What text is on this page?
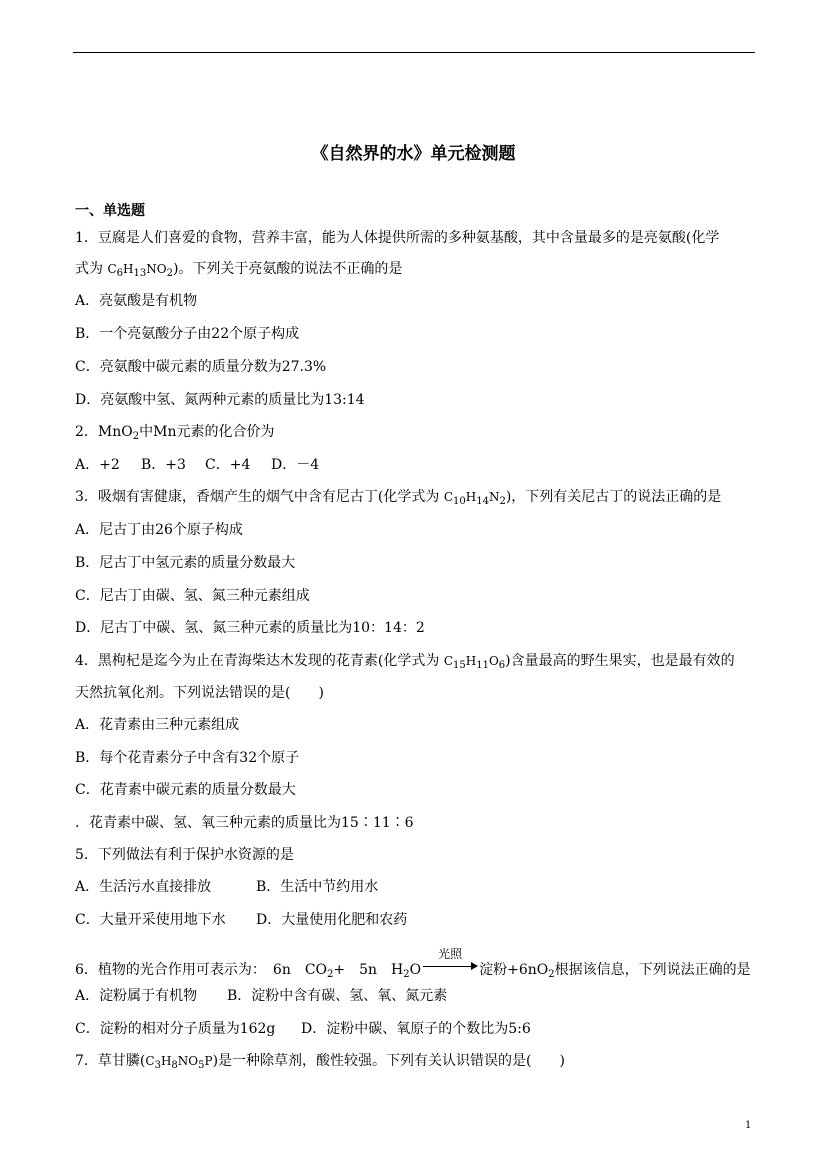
《自然界的水》单元检测题
一、单选题
1．豆腐是人们喜爱的食物，营养丰富，能为人体提供所需的多种氨基酸，其中含量最多的是亮氨酸(化学
式为 $C_6H_{13}NO_2$)。下列关于亮氨酸的说法不正确的是
A．亮氨酸是有机物
B．一个亮氨酸分子由22个原子构成
C．亮氨酸中碳元素的质量分数为27.3%
D．亮氨酸中氢、氮两种元素的质量比为13:14
2．MnO$_2$中Mn元素的化合价为
A．+2 B．+3 C．+4 D．－4
3．吸烟有害健康，香烟产生的烟气中含有尼古丁(化学式为 $C_{10}H_{14}N_2$)，下列有关尼古丁的说法正确的是
A．尼古丁由26个原子构成
B．尼古丁中氢元素的质量分数最大
C．尼古丁由碳、氢、氮三种元素组成
D．尼古丁中碳、氢、氮三种元素的质量比为10：14：2
4．黑枸杞是迄今为止在青海柴达木发现的花青素(化学式为 $C_{15}H_{11}O_6$)含量最高的野生果实，也是最有效的
天然抗氧化剂。下列说法错误的是(　　)
A．花青素由三种元素组成
B．每个花青素分子中含有32个原子
C．花青素中碳元素的质量分数最大
．花青素中碳、氢、氧三种元素的质量比为15∶11∶6
5．下列做法有利于保护水资源的是
A．生活污水直接排放	B．生活中节约用水
C．大量开采使用地下水 D．大量使用化肥和农药
6．植物的光合作用可表示为：　6n　$CO_2+$　5n　$H_2O$
光照
淀粉$+6nO_2$根据该信息，下列说法正确的是
A．淀粉属于有机物 B．淀粉中含有碳、氢、氧、氮元素
C．淀粉的相对分子质量为162g D．淀粉中碳、氧原子的个数比为5:6
7．草甘膦$(C_3H_8NO_5P)$是一种除草剂，酸性较强。下列有关认识错误的是(　　)
1
